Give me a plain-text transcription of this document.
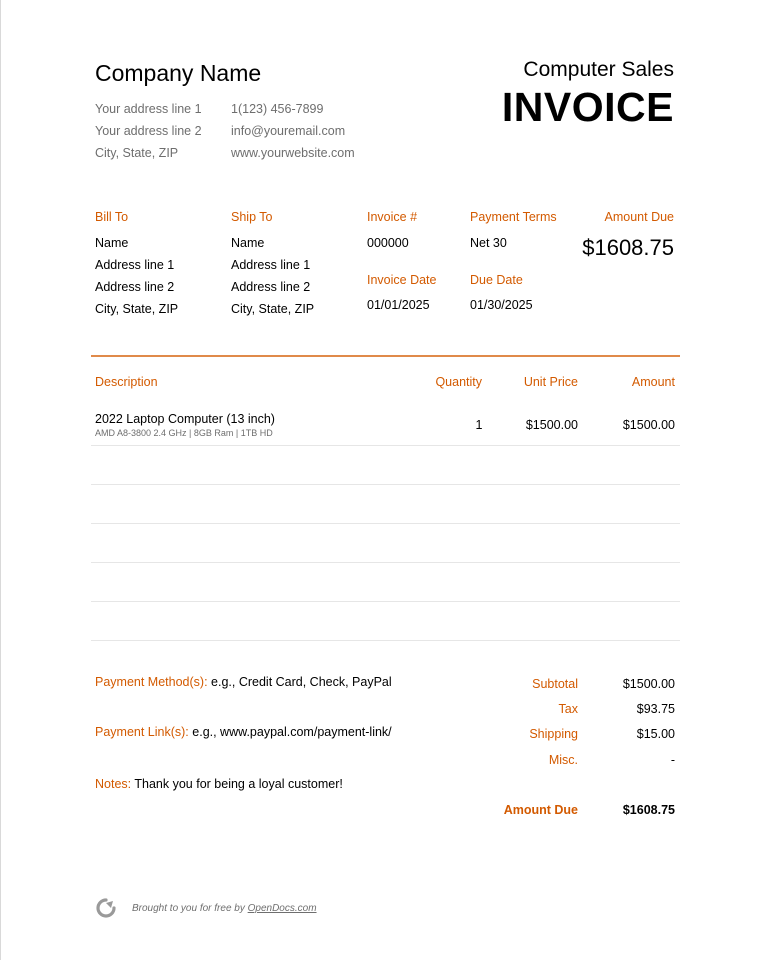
Company Name
Your address line 1
Your address line 2
City, State, ZIP
1(123) 456-7899
info@youremail.com
www.yourwebsite.com
Computer Sales
INVOICE
Bill To
Name
Address line 1
Address line 2
City, State, ZIP
Ship To
Name
Address line 1
Address line 2
City, State, ZIP
Invoice #
000000
Invoice Date
01/01/2025
Payment Terms
Net 30
Due Date
01/30/2025
Amount Due
$1608.75
Description	Quantity	Unit Price	Amount
2022 Laptop Computer (13 inch)
AMD A8-3800 2.4 GHz | 8GB Ram | 1TB HD
1	$1500.00	$1500.00
Payment Method(s): e.g., Credit Card, Check, PayPal
Payment Link(s): e.g., www.paypal.com/payment-link/
Notes: Thank you for being a loyal customer!
Subtotal	$1500.00
Tax	$93.75
Shipping	$15.00
Misc.	-
Amount Due	$1608.75
Brought to you for free by OpenDocs.com
